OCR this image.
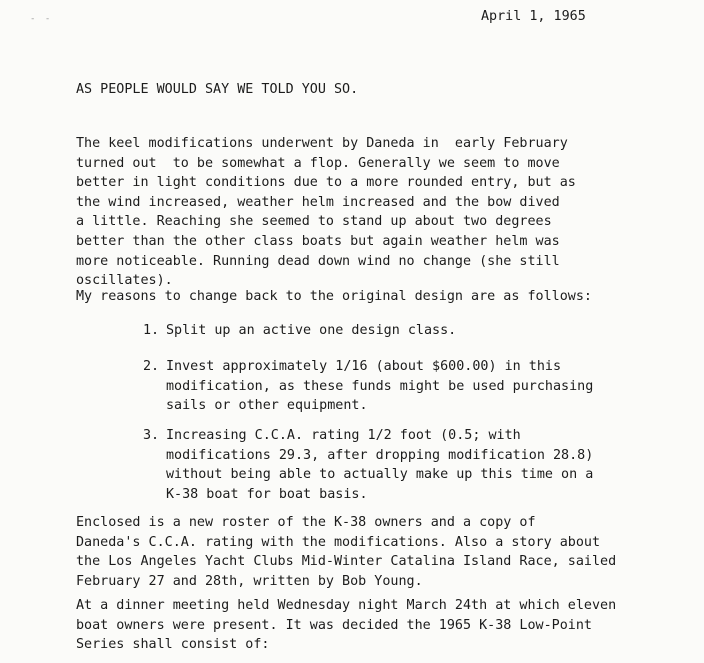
- -	April 1, 1965
AS PEOPLE WOULD SAY WE TOLD YOU SO.

The keel modifications underwent by Daneda in  early February
turned out  to be somewhat a flop. Generally we seem to move
better in light conditions due to a more rounded entry, but as
the wind increased, weather helm increased and the bow dived
a little. Reaching she seemed to stand up about two degrees
better than the other class boats but again weather helm was
more noticeable. Running dead down wind no change (she still
oscillates).

My reasons to change back to the original design are as follows:

1. Split up an active one design class.
2. Invest approximately 1/16 (about $600.00) in this
modification, as these funds might be used purchasing
sails or other equipment.
3. Increasing C.C.A. rating 1/2 foot (0.5; with
modifications 29.3, after dropping modification 28.8)
without being able to actually make up this time on a
K-38 boat for boat basis.

Enclosed is a new roster of the K-38 owners and a copy of
Daneda's C.C.A. rating with the modifications. Also a story about
the Los Angeles Yacht Clubs Mid-Winter Catalina Island Race, sailed
February 27 and 28th, written by Bob Young.

At a dinner meeting held Wednesday night March 24th at which eleven
boat owners were present. It was decided the 1965 K-38 Low-Point
Series shall consist of:
